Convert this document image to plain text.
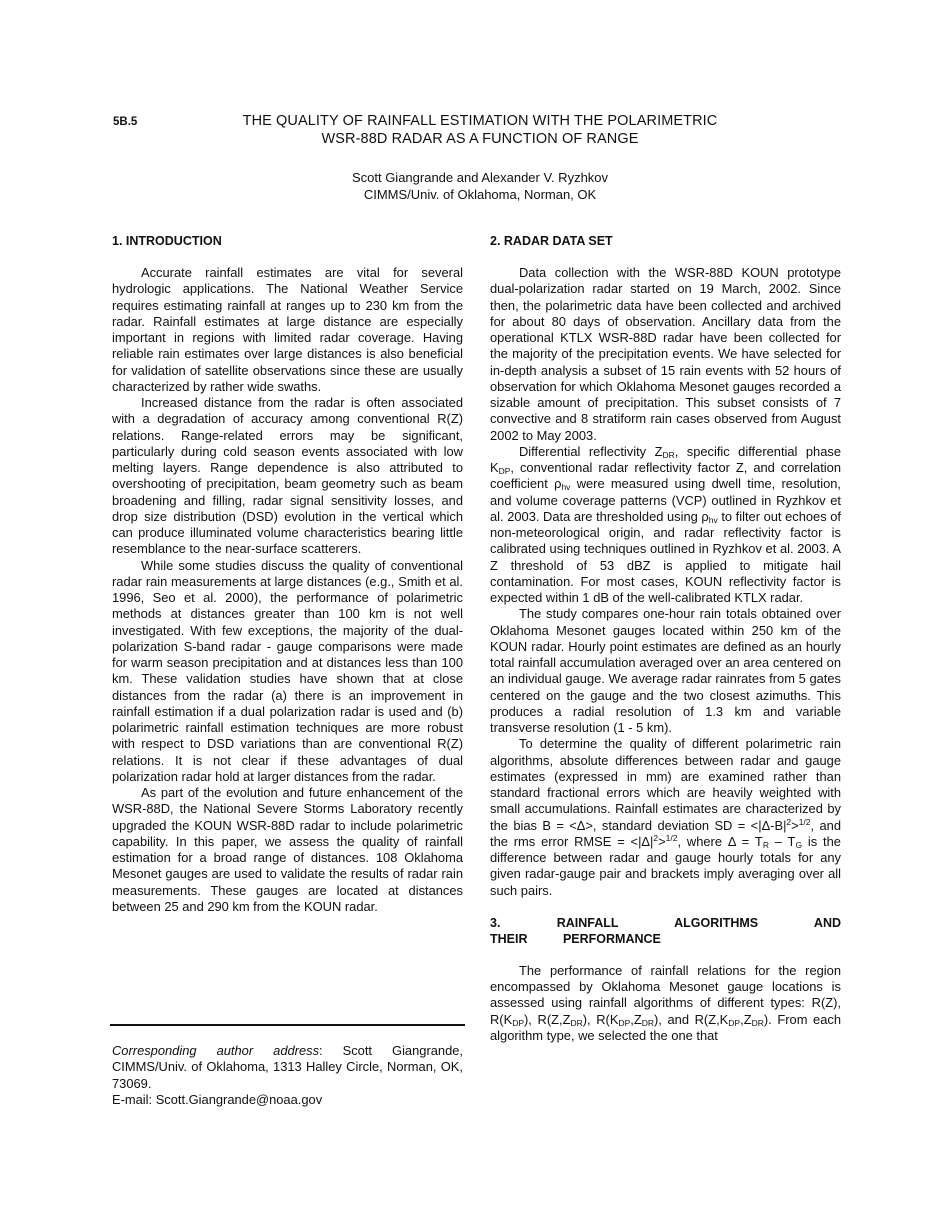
5B.5	THE QUALITY OF RAINFALL ESTIMATION WITH THE POLARIMETRIC
WSR-88D RADAR AS A FUNCTION OF RANGE
Scott Giangrande and Alexander V. Ryzhkov
CIMMS/Univ. of Oklahoma, Norman, OK
1. INTRODUCTION

Accurate rainfall estimates are vital for several hydrologic applications. The National Weather Service requires estimating rainfall at ranges up to 230 km from the radar. Rainfall estimates at large distance are especially important in regions with limited radar coverage. Having reliable rain estimates over large distances is also beneficial for validation of satellite observations since these are usually characterized by rather wide swaths.

Increased distance from the radar is often associated with a degradation of accuracy among conventional R(Z) relations. Range-related errors may be significant, particularly during cold season events associated with low melting layers. Range dependence is also attributed to overshooting of precipitation, beam geometry such as beam broadening and filling, radar signal sensitivity losses, and drop size distribution (DSD) evolution in the vertical which can produce illuminated volume characteristics bearing little resemblance to the near-surface scatterers.

While some studies discuss the quality of conventional radar rain measurements at large distances (e.g., Smith et al. 1996, Seo et al. 2000), the performance of polarimetric methods at distances greater than 100 km is not well investigated. With few exceptions, the majority of the dual-polarization S-band radar - gauge comparisons were made for warm season precipitation and at distances less than 100 km. These validation studies have shown that at close distances from the radar (a) there is an improvement in rainfall estimation if a dual polarization radar is used and (b) polarimetric rainfall estimation techniques are more robust with respect to DSD variations than are conventional R(Z) relations. It is not clear if these advantages of dual polarization radar hold at larger distances from the radar.

As part of the evolution and future enhancement of the WSR-88D, the National Severe Storms Laboratory recently upgraded the KOUN WSR-88D radar to include polarimetric capability. In this paper, we assess the quality of rainfall estimation for a broad range of distances. 108 Oklahoma Mesonet gauges are used to validate the results of radar rain measurements. These gauges are located at distances between 25 and 290 km from the KOUN radar.

Corresponding author address: Scott Giangrande, CIMMS/Univ. of Oklahoma, 1313 Halley Circle, Norman, OK, 73069.
E-mail: Scott.Giangrande@noaa.gov
2. RADAR DATA SET

Data collection with the WSR-88D KOUN prototype dual-polarization radar started on 19 March, 2002. Since then, the polarimetric data have been collected and archived for about 80 days of observation. Ancillary data from the operational KTLX WSR-88D radar have been collected for the majority of the precipitation events. We have selected for in-depth analysis a subset of 15 rain events with 52 hours of observation for which Oklahoma Mesonet gauges recorded a sizable amount of precipitation. This subset consists of 7 convective and 8 stratiform rain cases observed from August 2002 to May 2003.

Differential reflectivity $Z_{DR}$, specific differential phase $K_{DP}$, conventional radar reflectivity factor Z, and correlation coefficient $\rho_{hv}$ were measured using dwell time, resolution, and volume coverage patterns (VCP) outlined in Ryzhkov et al. 2003. Data are thresholded using $\rho_{hv}$ to filter out echoes of non-meteorological origin, and radar reflectivity factor is calibrated using techniques outlined in Ryzhkov et al. 2003. A Z threshold of 53 dBZ is applied to mitigate hail contamination. For most cases, KOUN reflectivity factor is expected within 1 dB of the well-calibrated KTLX radar.

The study compares one-hour rain totals obtained over Oklahoma Mesonet gauges located within 250 km of the KOUN radar. Hourly point estimates are defined as an hourly total rainfall accumulation averaged over an area centered on an individual gauge. We average radar rainrates from 5 gates centered on the gauge and the two closest azimuths. This produces a radial resolution of 1.3 km and variable transverse resolution (1 - 5 km).

To determine the quality of different polarimetric rain algorithms, absolute differences between radar and gauge estimates (expressed in mm) are examined rather than standard fractional errors which are heavily weighted with small accumulations. Rainfall estimates are characterized by the bias B = <Δ>, standard deviation SD = $<|\Delta-B|^2>^{1/2}$, and the rms error RMSE = $<|\Delta|^2>^{1/2}$, where $\Delta = T_R - T_G$ is the difference between radar and gauge hourly totals for any given radar-gauge pair and brackets imply averaging over all such pairs.

3. RAINFALL ALGORITHMS AND THEIR PERFORMANCE

The performance of rainfall relations for the region encompassed by Oklahoma Mesonet gauge locations is assessed using rainfall algorithms of different types: R(Z), $R(K_{DP})$, $R(Z,Z_{DR})$, $R(K_{DP},Z_{DR})$, and $R(Z,K_{DP},Z_{DR})$. From each algorithm type, we selected the one that
